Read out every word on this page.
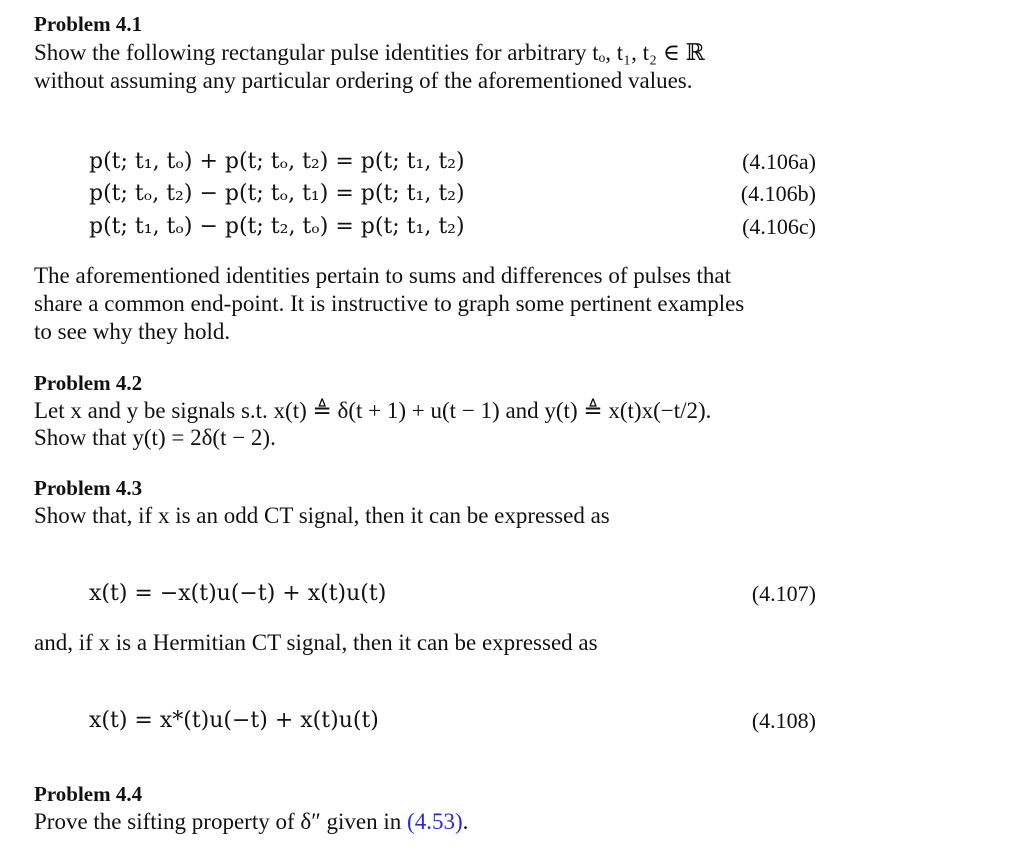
Problem 4.1
Show the following rectangular pulse identities for arbitrary tₒ, t₁, t₂ ∈ ℝ
without assuming any particular ordering of the aforementioned values.
p(t; t₁, tₒ) + p(t; tₒ, t₂) = p(t; t₁, t₂)	(4.106a)
p(t; tₒ, t₂) − p(t; tₒ, t₁) = p(t; t₁, t₂)	(4.106b)
p(t; t₁, tₒ) − p(t; t₂, tₒ) = p(t; t₁, t₂)	(4.106c)
The aforementioned identities pertain to sums and differences of pulses that
share a common end-point. It is instructive to graph some pertinent examples
to see why they hold.
Problem 4.2
Let x and y be signals s.t. x(t) ≜ δ(t + 1) + u(t − 1) and y(t) ≜ x(t)x(−t/2).
Show that y(t) = 2δ(t − 2).
Problem 4.3
Show that, if x is an odd CT signal, then it can be expressed as
x(t) = −x(t)u(−t) + x(t)u(t)	(4.107)
and, if x is a Hermitian CT signal, then it can be expressed as
x(t) = x*(t)u(−t) + x(t)u(t)	(4.108)
Problem 4.4
Prove the sifting property of δ″ given in (4.53).
